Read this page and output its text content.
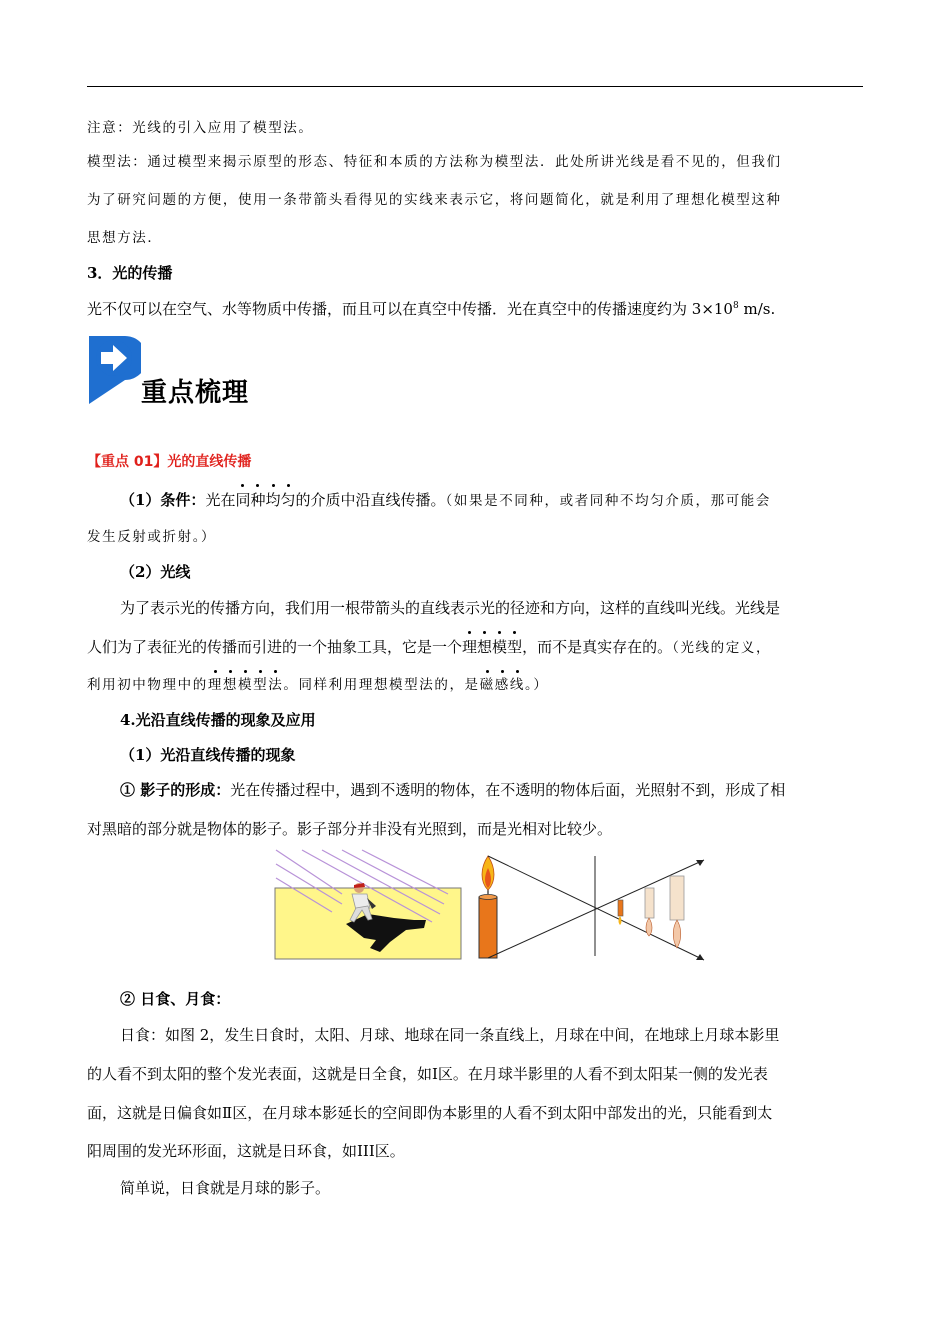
注意：光线的引入应用了模型法。
模型法：通过模型来揭示原型的形态、特征和本质的方法称为模型法．此处所讲光线是看不见的，但我们
为了研究问题的方便，使用一条带箭头看得见的实线来表示它，将问题简化，就是利用了理想化模型这种
思想方法．
3．光的传播
光不仅可以在空气、水等物质中传播，而且可以在真空中传播．光在真空中的传播速度约为 $3\times 10^8$ m/s.
重点梳理
【重点 01】光的直线传播
（1）条件：光在同种均匀的介质中沿直线传播。（如果是不同种，或者同种不均匀介质，那可能会
发生反射或折射。）
（2）光线
为了表示光的传播方向，我们用一根带箭头的直线表示光的径迹和方向，这样的直线叫光线。光线是
人们为了表征光的传播而引进的一个抽象工具，它是一个理想模型，而不是真实存在的。（光线的定义，
利用初中物理中的理想模型法。同样利用理想模型法的，是磁感线。）
4.光沿直线传播的现象及应用
（1）光沿直线传播的现象
① 影子的形成：光在传播过程中，遇到不透明的物体，在不透明的物体后面，光照射不到，形成了相
对黑暗的部分就是物体的影子。影子部分并非没有光照到，而是光相对比较少。
② 日食、月食：
日食：如图 2，发生日食时，太阳、月球、地球在同一条直线上，月球在中间，在地球上月球本影里
的人看不到太阳的整个发光表面，这就是日全食，如Ⅰ区。在月球半影里的人看不到太阳某一侧的发光表
面，这就是日偏食如Ⅱ区，在月球本影延长的空间即伪本影里的人看不到太阳中部发出的光，只能看到太
阳周围的发光环形面，这就是日环食，如III区。
简单说，日食就是月球的影子。
